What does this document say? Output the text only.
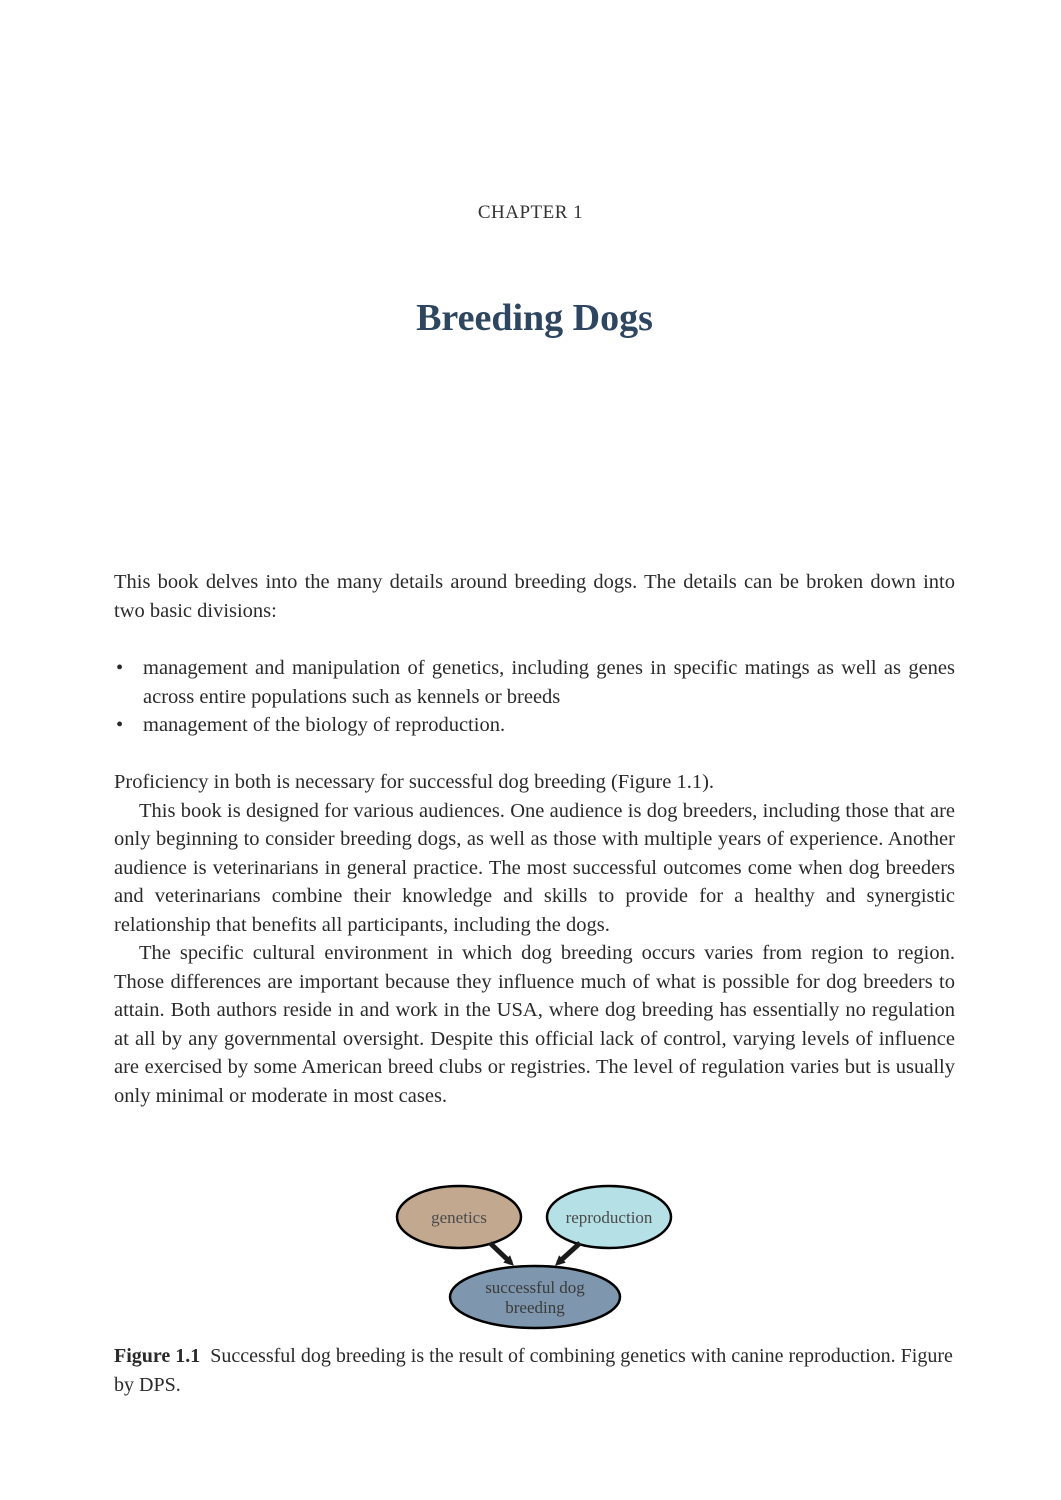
CHAPTER 1
Breeding Dogs

This book delves into the many details around breeding dogs. The details can be broken down into two basic divisions:

• management and manipulation of genetics, including genes in specific matings as well as genes across entire populations such as kennels or breeds
• management of the biology of reproduction.

Proficiency in both is necessary for successful dog breeding (Figure 1.1).

This book is designed for various audiences. One audience is dog breeders, including those that are only beginning to consider breeding dogs, as well as those with multiple years of experience. Another audience is veterinarians in general practice. The most successful outcomes come when dog breeders and veterinarians combine their knowledge and skills to provide for a healthy and synergistic relationship that benefits all participants, including the dogs.

The specific cultural environment in which dog breeding occurs varies from region to region. Those differences are important because they influence much of what is possible for dog breeders to attain. Both authors reside in and work in the USA, where dog breeding has essentially no regulation at all by any governmental oversight. Despite this official lack of control, varying levels of influence are exercised by some American breed clubs or registries. The level of regulation varies but is usually only minimal or moderate in most cases.

genetics	reproduction
successful dog
breeding
Figure 1.1 Successful dog breeding is the result of combining genetics with canine reproduction. Figure by DPS.
